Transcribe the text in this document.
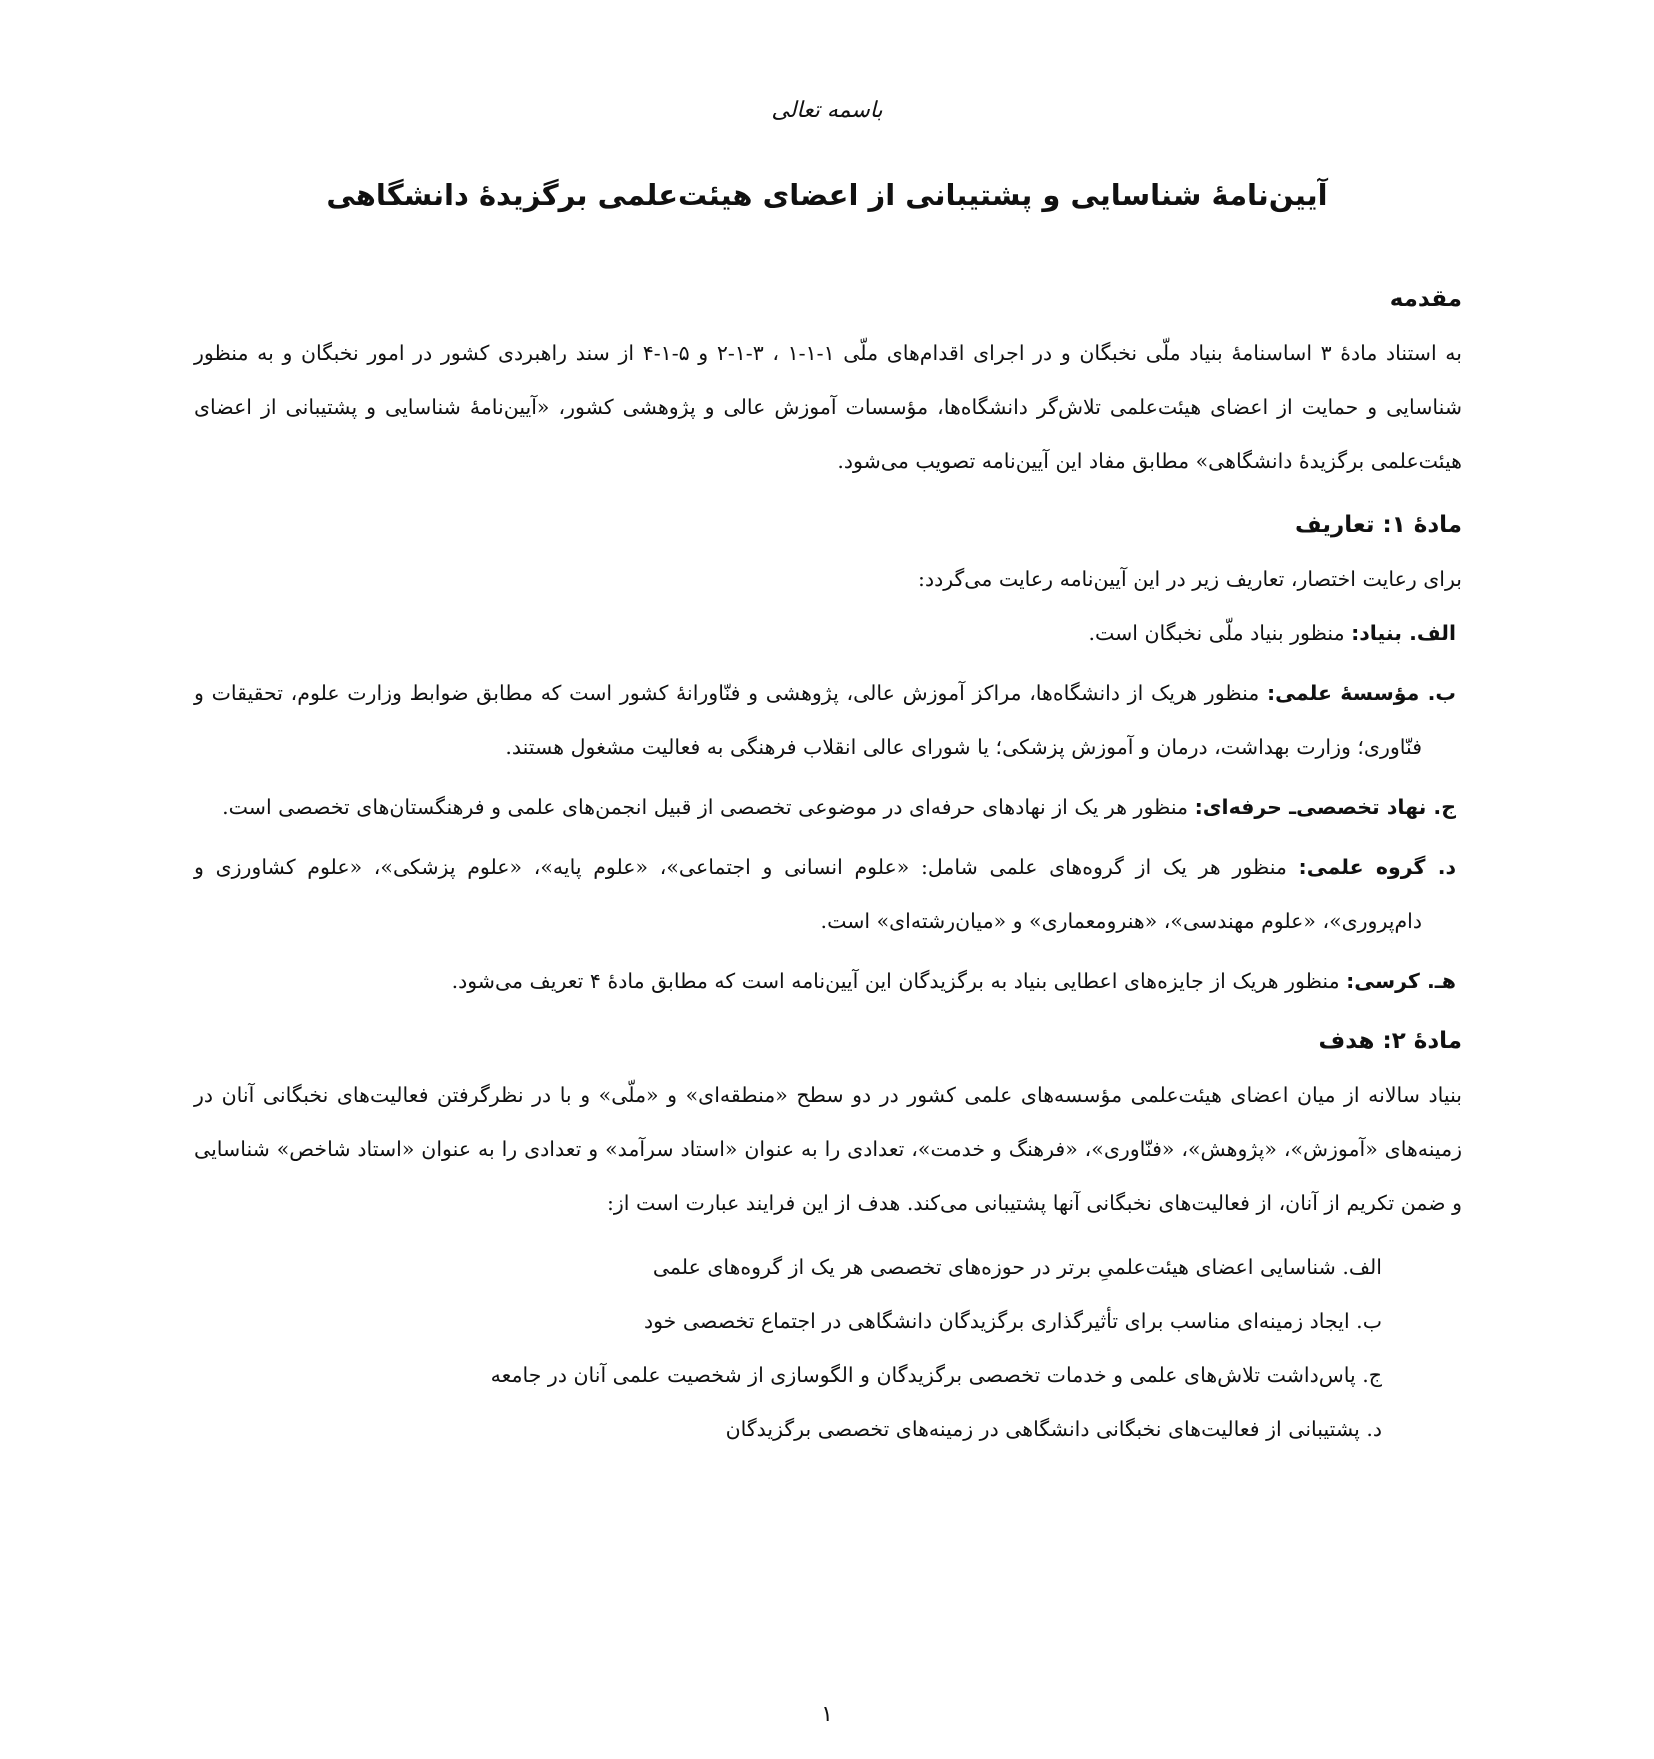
باسمه تعالی
آیین‌نامهٔ شناسایی و پشتیبانی از اعضای هیئت‌علمی برگزیدهٔ دانشگاهی
مقدمه

به استناد مادهٔ ۳ اساسنامهٔ بنیاد ملّی نخبگان و در اجرای اقدام‌های ملّی ۱-۱-۱ ، ۳-۱-۲ و ۵-۱-۴ از سند راهبردی کشور در امور نخبگان و به منظور شناسایی و حمایت از اعضای هیئت‌علمی تلاش‌گر دانشگاه‌ها، مؤسسات آموزش عالی و پژوهشی کشور، «آیین‌نامهٔ شناسایی و پشتیبانی از اعضای هیئت‌علمی برگزیدهٔ دانشگاهی» مطابق مفاد این آیین‌نامه تصویب می‌شود.

مادهٔ ۱: تعاریف

برای رعایت اختصار، تعاریف زیر در این آیین‌نامه رعایت می‌گردد:

الف. بنیاد: منظور بنیاد ملّی نخبگان است.
ب. مؤسسهٔ علمی: منظور هریک از دانشگاه‌ها، مراکز آموزش عالی، پژوهشی و فنّاورانهٔ کشور است که مطابق ضوابط وزارت علوم، تحقیقات و فنّاوری؛ وزارت بهداشت، درمان و آموزش پزشکی؛ یا شورای عالی انقلاب فرهنگی به فعالیت مشغول هستند.
ج. نهاد تخصصی‌ـ حرفه‌ای: منظور هر یک از نهادهای حرفه‌ای در موضوعی تخصصی از قبیل انجمن‌های علمی و فرهنگستان‌های تخصصی است.
د. گروه علمی: منظور هر یک از گروه‌های علمی شامل: «علوم انسانی و اجتماعی»، «علوم پایه»، «علوم پزشکی»، «علوم کشاورزی و دام‌پروری»، «علوم مهندسی»، «هنرومعماری» و «میان‌رشته‌ای» است.
هـ. کرسی: منظور هریک از جایزه‌های اعطایی بنیاد به برگزیدگان این آیین‌نامه است که مطابق مادهٔ ۴ تعریف می‌شود.
مادهٔ ۲: هدف

بنیاد سالانه از میان اعضای هیئت‌علمی مؤسسه‌های علمی کشور در دو سطح «منطقه‌ای» و «ملّی» و با در نظرگرفتن فعالیت‌های نخبگانی آنان در زمینه‌های «آموزش»، «پژوهش»، «فنّاوری»، «فرهنگ و خدمت»، تعدادی را به عنوان «استاد سرآمد» و تعدادی را به عنوان «استاد شاخص» شناسایی و ضمن تکریم از آنان، از فعالیت‌های نخبگانی آنها پشتیبانی می‌کند. هدف از این فرایند عبارت است از:

الف. شناسایی اعضای هیئت‌علمیِ برتر در حوزه‌های تخصصی هر یک از گروه‌های علمی
ب. ایجاد زمینه‌ای مناسب برای تأثیرگذاری برگزیدگان دانشگاهی در اجتماع تخصصی خود
ج. پاس‌داشت تلاش‌های علمی و خدمات تخصصی برگزیدگان و الگوسازی از شخصیت علمی آنان در جامعه
د. پشتیبانی از فعالیت‌های نخبگانی دانشگاهی در زمینه‌های تخصصی برگزیدگان
۱
